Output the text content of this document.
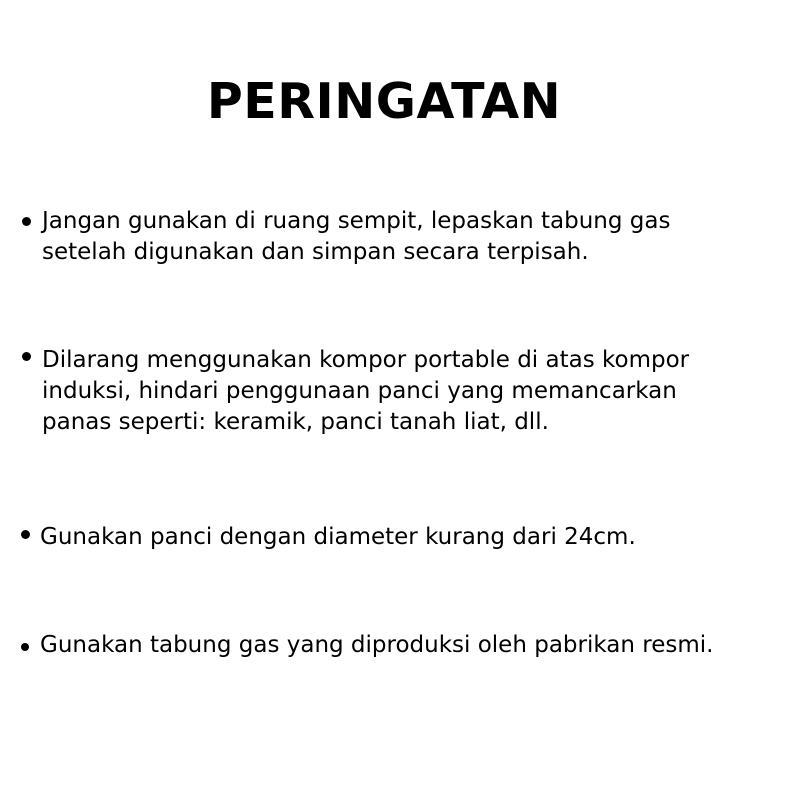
PERINGATAN

Jangan gunakan di ruang sempit, lepaskan tabung gas setelah digunakan dan simpan secara terpisah.

Dilarang menggunakan kompor portable di atas kompor induksi, hindari penggunaan panci yang memancarkan panas seperti: keramik, panci tanah liat, dll.

Gunakan panci dengan diameter kurang dari 24cm.

Gunakan tabung gas yang diproduksi oleh pabrikan resmi.
